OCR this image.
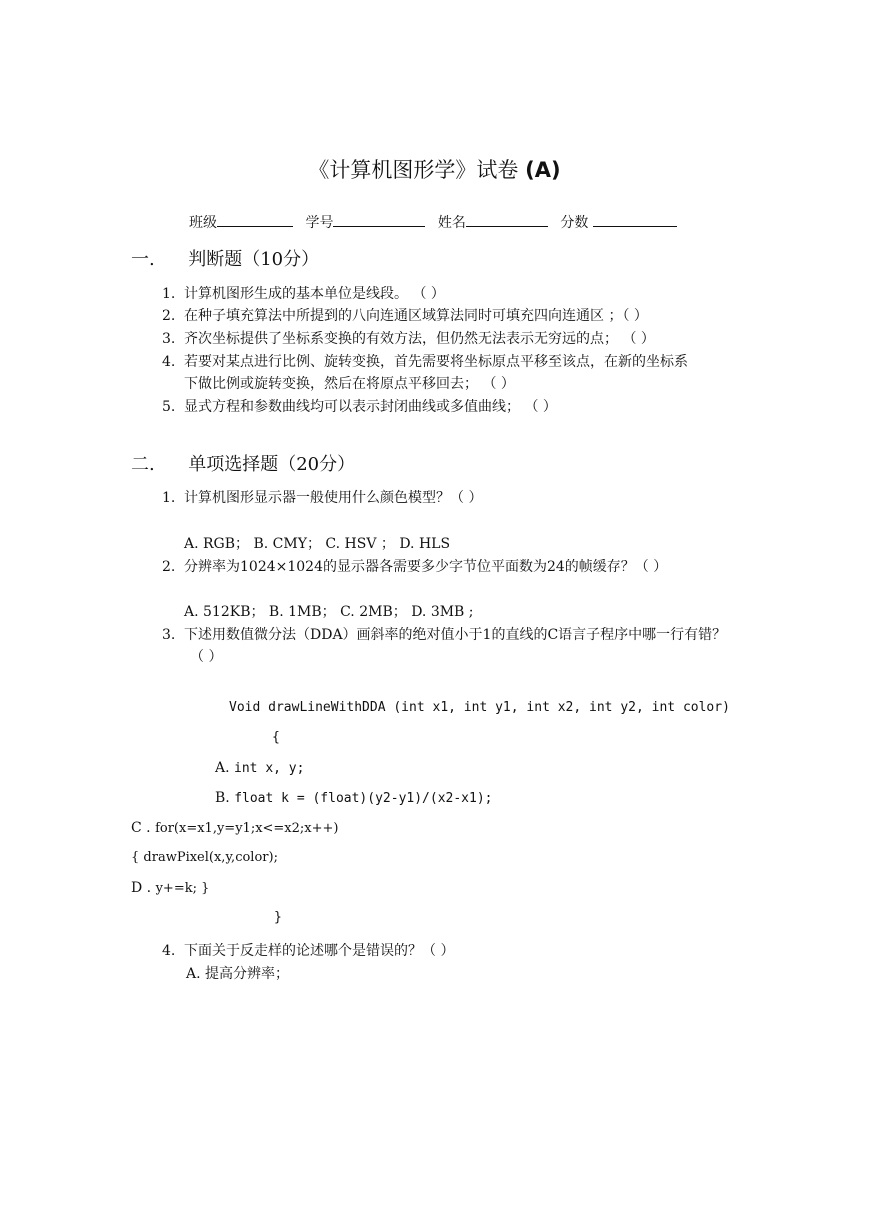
《计算机图形学》试卷 (A)
班级	学号	姓名	分数
一. 判断题（10分）
1. 计算机图形生成的基本单位是线段。 （ ）
2. 在种子填充算法中所提到的八向连通区域算法同时可填充四向连通区 ；（ ）
3. 齐次坐标提供了坐标系变换的有效方法，但仍然无法表示无穷远的点； （ ）
4. 若要对某点进行比例、旋转变换，首先需要将坐标原点平移至该点，在新的坐标系
下做比例或旋转变换，然后在将原点平移回去； （ ）
5. 显式方程和参数曲线均可以表示封闭曲线或多值曲线； （ ）
二. 单项选择题（20分）
1. 计算机图形显示器一般使用什么颜色模型？（ ）
A. RGB； B. CMY； C. HSV ； D. HLS
2. 分辨率为1024×1024的显示器各需要多少字节位平面数为24的帧缓存？（ ）
A. 512KB； B. 1MB； C. 2MB； D. 3MB ;
3. 下述用数值微分法（DDA）画斜率的绝对值小于1的直线的C语言子程序中哪一行有错？
（ ）
Void drawLineWithDDA (int x1, int y1, int x2, int y2, int color)
{
A. int x, y;
B. float k = (float)(y2-y1)/(x2-x1);
C . for(x=x1,y=y1;x<=x2;x++)
{ drawPixel(x,y,color);
D . y+=k; }
}
4. 下面关于反走样的论述哪个是错误的？（ ）
A. 提高分辨率；
